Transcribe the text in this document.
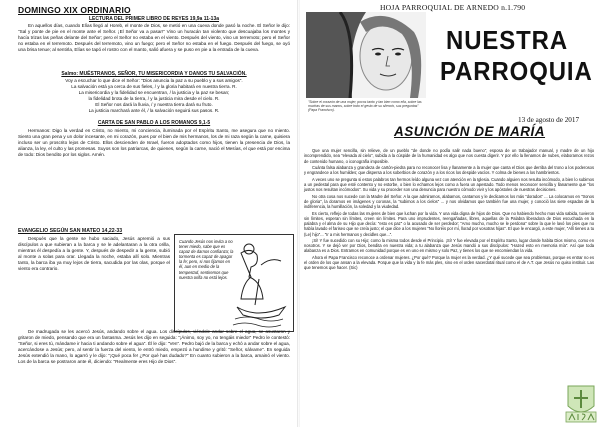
DOMINGO XIX ORDINARIO
LECTURA DEL PRIMER LIBRO DE REYES 19,9a 11-13a

En aquellos días, cuando Elías llegó al Horeb, el monte de Dios, se metió en una cueva donde pasó la noche. El Señor le dijo: "Sal y ponte de pie en el monte ante el Señor. ¡El Señor va a pasar!" Vino un huracán tan violento que descuajaba los montes y hacía trizas las peñas delante del Señor; pero el Señor no estaba en el viento. Después del viento, vino un terremoto; pero el Señor no estaba en el terremoto. Después del terremoto, vino un fuego; pero el Señor no estaba en el fuego. Después del fuego, se oyó una brisa tenue; al sentirla, Elías se tapó el rostro con el manto, salió afuera y se puso en pie a la entrada de la cueva.

Salmo: MUÉSTRANOS, SEÑOR, TU MISERICORDIA Y DANOS TU SALVACIÓN.

Voy a escuchar lo que dice el Señor: "Dios anuncia la paz a su pueblo y a sus amigos".

La salvación está ya cerca de sus fieles, / y la gloria habitará en nuestra tierra. R.

La misericordia y la fidelidad se encuentran, / la justicia y la paz se besan;

la fidelidad brota de la tierra, / y la justicia mira desde el cielo. R.

El Señor nos dará la lluvia, / y nuestra tierra dará su fruto.

La justicia marchará ante él, / la salvación seguirá sus pasos. R.

CARTA DE SAN PABLO A LOS ROMANOS 9,1-5

Hermanos: Digo la verdad en Cristo, no miento, mi conciencia, iluminada por el Espíritu Santo, me asegura que no miento. Siento una gran pena y un dolor incesante, en mi corazón, pues por el bien de mis hermanos, los de mi raza según la carne, quisiera incluso ser un proscrito lejos de Cristo. Ellos descienden de Israel, fueron adoptados como hijos, tienen la presencia de Dios, la alianza, la ley, el culto y las promesas. Suyos son los patriarcas, de quienes, según la carne, nació el Mesías, el que está por encima de todo: Dios bendito por los siglos. Amén.

EVANGELIO SEGÚN SAN MATEO 14,22-33

Después que la gente se hubo saciado, Jesús apremió a sus discípulos a que subieran a la barca y se le adelantaran a la otra orilla, mientras él despedía a la gente. Y, después de despedir a la gente, subió al monte a solas para orar. Llegada la noche, estaba allí solo. Mientras tanto, la barca iba ya muy lejos de tierra, sacudida por las olas, porque el viento era contrario.

Cuando Jesús nos invita a no tener miedo, sabe que es capaz de darnos confianza; la tormenta es capaz de apagar la fe; pero, si nos fijamos en él, aun en medio de la tempestad, sentiremos que nuestra orilla no está lejos.

De madrugada se les acercó Jesús, andando sobre el agua. Los discípulos, viéndole andar sobre el agua, se asustaron y gritaron de miedo, pensando que era un fantasma. Jesús les dijo en seguida: "¡Ánimo, soy yo, no tengáis miedo!" Pedro le contestó: "Señor, si eres tú, mándame ir hacia ti andando sobre el agua". Él le dijo: "Ven". Pedro bajó de la barca y echó a andar sobre el agua, acercándose a Jesús; pero, al sentir la fuerza del viento, le entró miedo, empezó a hundirse y gritó: "Señor, sálvame". En seguida Jesús extendió la mano, lo agarró y le dijo: "¡Qué poca fe! ¿Por qué has dudado?" En cuanto subieron a la barca, amainó el viento. Los de la barca se postraron ante él, diciendo: "Realmente eres Hijo de Dios".

HOJA PARROQUIAL DE ARNEDO n.1.790
"Sobre el corazón de una mujer, pocos tanto y tan bien como ella, sobre las muchas de sus manos, sobre todo el gesto de su silencio, sus preguntas" (Papa Francisco).
NUESTRA
PARROQUIA
13 de agosto de 2017
ASUNCIÓN DE MARÍA

Que una mujer sencilla, sin relieve, de un pueblo "de donde no podía salir nada bueno", esposa de un trabajador manual, y madre de un hijo incomprendido, sea "elevada al cielo", subida a la cúspide de la humanidad es algo que nos cuesta digerir. Y por ello la llenamos de nubes, elaboramos rezos de contenido humano, o iconografía imposible.

Cuánta falsa alabanza y grandeza de cartón-piedra para no reconocer lisa y llanamente a la mujer que canta el Dios que derriba del trono a los poderosos y engrandece a los humildes; que dispersa a los soberbios de corazón y a los ricos los despide vacíos. Y colma de bienes a los hambrientos.

A veces uno se pregunta si estos palabros tan hermos leído alguna vez con atención en la Iglesia. Cuando alguien nos resulta incómodo, a bien lo subimos a un pedestal para que esté contento y no estorbe, o bien lo echamos lejos como a fuera un apestado. Todo menos reconocer sencilla y llanamente que "los justos nos resultan incómodos". Su vida y su proceder son una denuncia para nuestro cómodo vivir y los apóstoles de nuestras decisiones.

No otra cosa nos sucede con la Madre del Señor. A la que admiramos, alabamos, cantamos y le dedicamos los más "dorados" ... La colocamos en "tronos de gloria", la doramos en imágenes y coronas, la "subimos a los cielos" ... y nos olvidamos que también fue una mujer, y conoció las siete espadas de la indiferencia, la humillación, la soledad y la viudedad.

Es cierto, reflejo de todas las mujeres de bien que luchan por la vida. Y una vida digna de hijos de Dios. Que no habiendo hecho mas vida sabida, tuvieron sin límites, esperan sin límites, creen sin límites. Para uno imprudentes, reengañadas, libres, aquellas de la Palabra liberadora de Dios escuchada en la palabra y el alma de su Hijo que decía: "esto es paz" o la acusado de ser perdedor; "Amo mucho, mucho se le perdona" sobre la que le lavó los pies que no había lavado el fariseo que se creía justo; el que dice a los mujeres "No lloréis por mí, llorad por vosotras hijas". El que le encargó, a este mujer, "Allí tienes a tu (Le) hijo"... "Ir a mis hermanos y decidles que...".

¡Sí! Y fue sucedido con su Hijo; como la misma todos desde el Principio. ¡Sí! Y fue elevada por el Espíritu Santo, lugar donde habita Dios mismo, como en nosotros. Y se dejó ver por Dios, bendita en nuestra vida; a tu alabanza que Jesús mandó a sus discípulos: "Hazed esto en memoria mía". Así que toda alabanza es a Dios. Entramos en comunidad porque es en uno en mismo y solo Paz, y tienes los que se encomiendan la vida.

Ahora el Papa Francisco reconoce a ordenar mujeres. ¿Por qué? Porque la mujer es la verdad. ¿Y qué sucede que sea problemas, porque es entrar no es el orden de los que ansan a la elevada. Porque que la vida y la fe más ples, sino en el orden sacerdotal ritual como el de A.T. que Jesús no quiso instituir. Las que tenemos que hacer. (Sic)
